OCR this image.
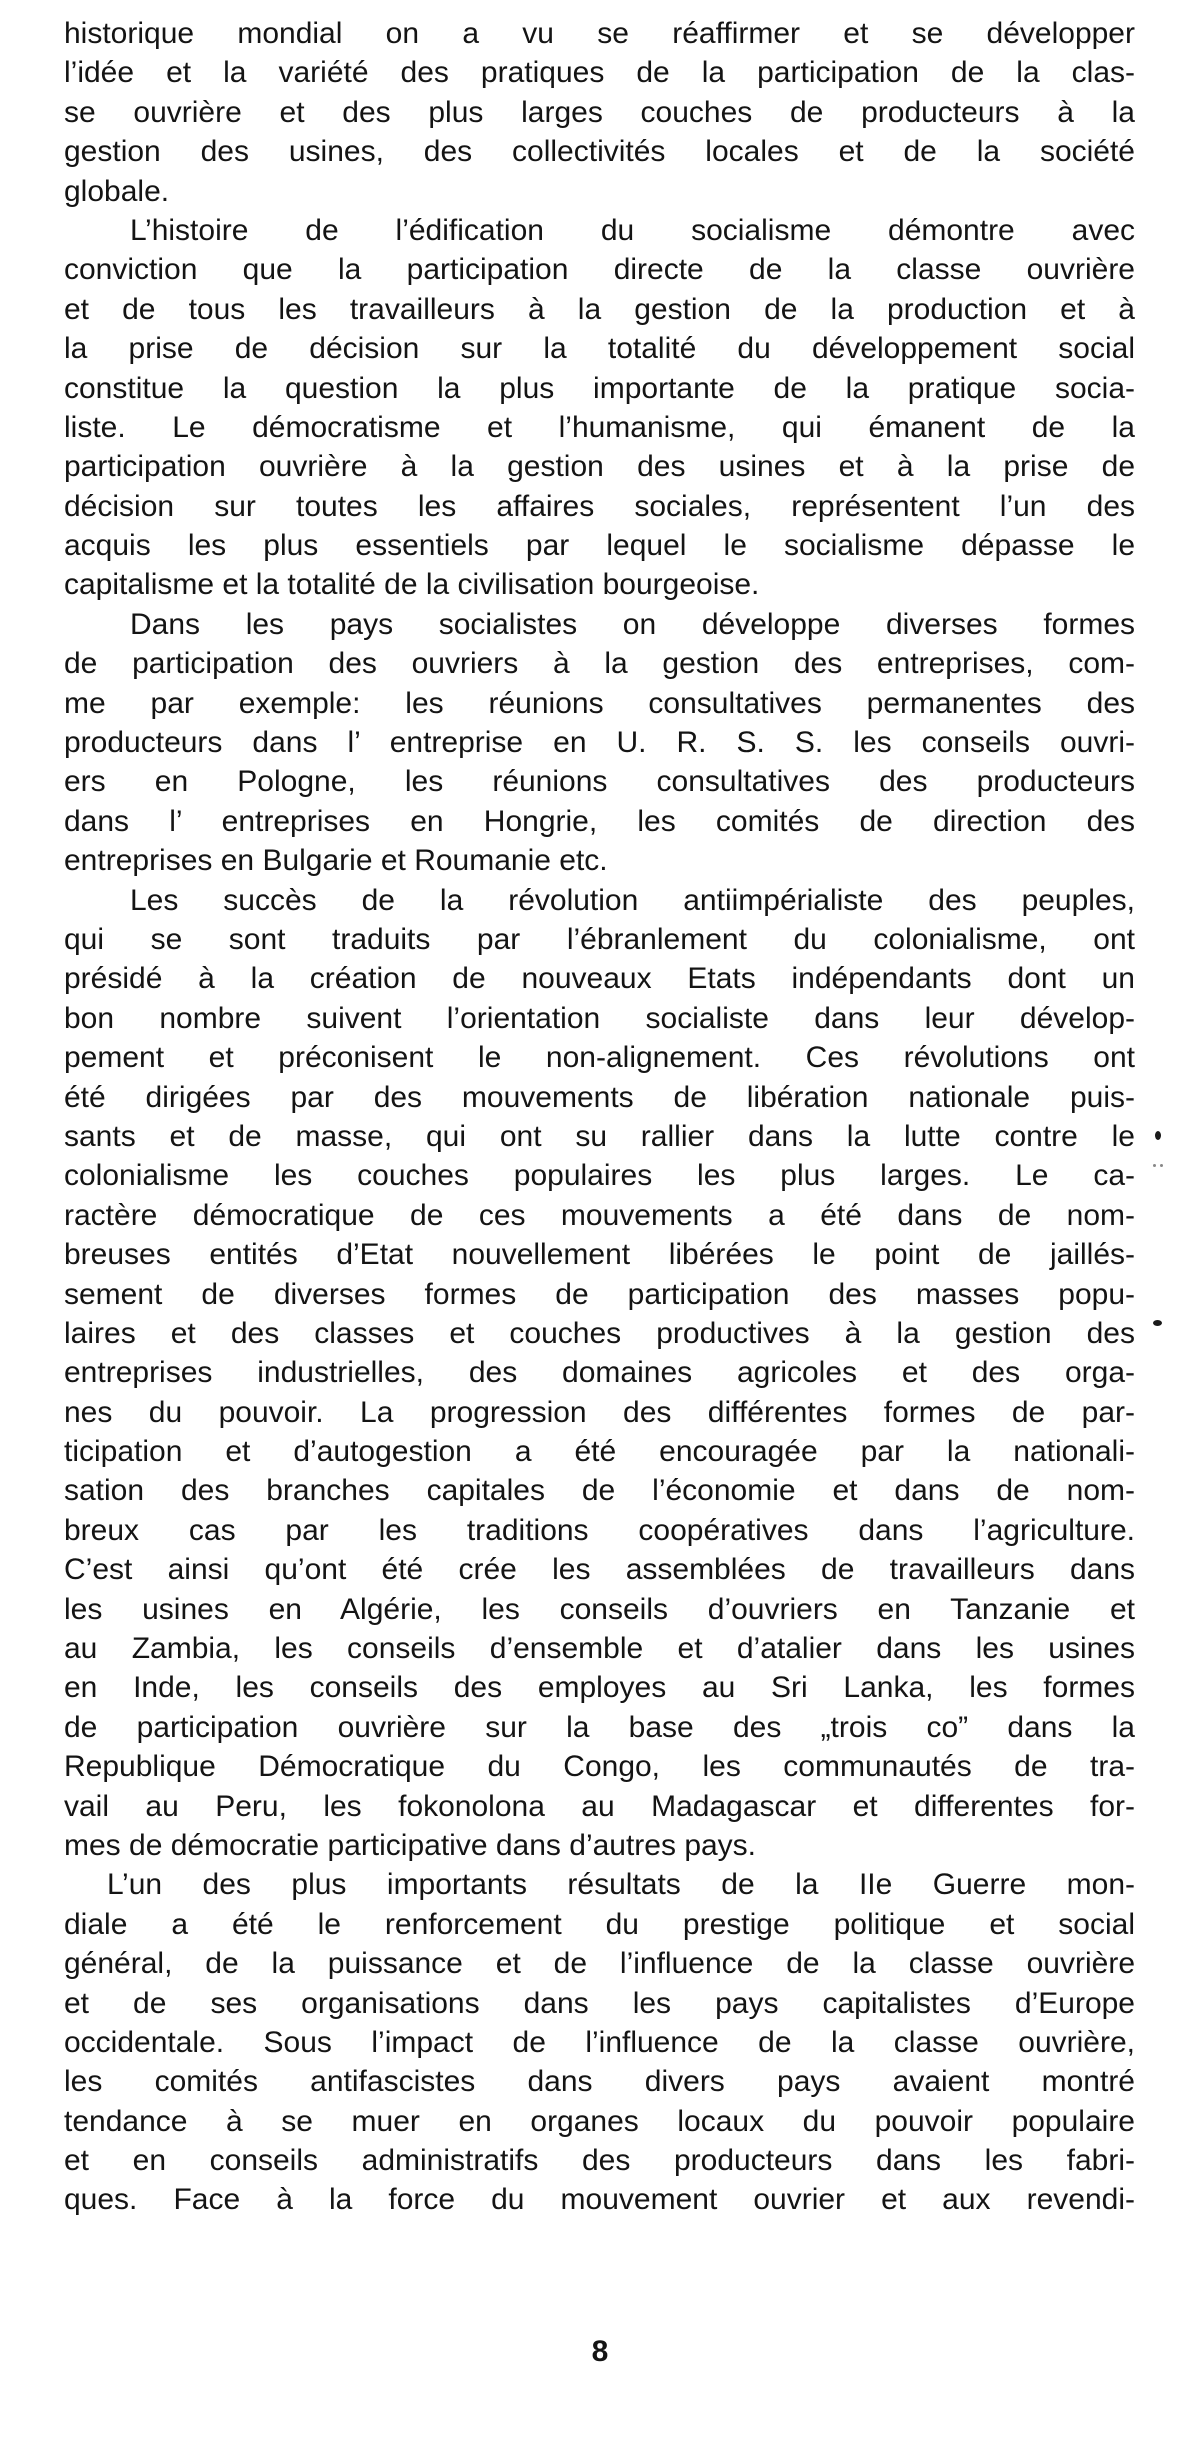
historique mondial on a vu se réaffirmer et se développer
l’idée et la variété des pratiques de la participation de la clas-
se ouvrière et des plus larges couches de producteurs à la
gestion des usines, des collectivités locales et de la société
globale.
L’histoire de l’édification du socialisme démontre avec
conviction que la participation directe de la classe ouvrière
et de tous les travailleurs à la gestion de la production et à
la prise de décision sur la totalité du développement social
constitue la question la plus importante de la pratique socia-
liste. Le démocratisme et l’humanisme, qui émanent de la
participation ouvrière à la gestion des usines et à la prise de
décision sur toutes les affaires sociales, représentent l’un des
acquis les plus essentiels par lequel le socialisme dépasse le
capitalisme et la totalité de la civilisation bourgeoise.
Dans les pays socialistes on développe diverses formes
de participation des ouvriers à la gestion des entreprises, com-
me par exemple: les réunions consultatives permanentes des
producteurs dans l’ entreprise en U. R. S. S. les conseils ouvri-
ers en Pologne, les réunions consultatives des producteurs
dans l’ entreprises en Hongrie, les comités de direction des
entreprises en Bulgarie et Roumanie etc.
Les succès de la révolution antiimpérialiste des peuples,
qui se sont traduits par l’ébranlement du colonialisme, ont
présidé à la création de nouveaux Etats indépendants dont un
bon nombre suivent l’orientation socialiste dans leur dévelop-
pement et préconisent le non-alignement. Ces révolutions ont
été dirigées par des mouvements de libération nationale puis-
sants et de masse, qui ont su rallier dans la lutte contre le
colonialisme les couches populaires les plus larges. Le ca-
ractère démocratique de ces mouvements a été dans de nom-
breuses entités d’Etat nouvellement libérées le point de jaillés-
sement de diverses formes de participation des masses popu-
laires et des classes et couches productives à la gestion des
entreprises industrielles, des domaines agricoles et des orga-
nes du pouvoir. La progression des différentes formes de par-
ticipation et d’autogestion a été encouragée par la nationali-
sation des branches capitales de l’économie et dans de nom-
breux cas par les traditions coopératives dans l’agriculture.
C’est ainsi qu’ont été crée les assemblées de travailleurs dans
les usines en Algérie, les conseils d’ouvriers en Tanzanie et
au Zambia, les conseils d’ensemble et d’atalier dans les usines
en Inde, les conseils des employes au Sri Lanka, les formes
de participation ouvrière sur la base des „trois co” dans la
Republique Démocratique du Congo, les communautés de tra-
vail au Peru, les fokonolona au Madagascar et differentes for-
mes de démocratie participative dans d’autres pays.
L’un des plus importants résultats de la IIe Guerre mon-
diale a été le renforcement du prestige politique et social
général, de la puissance et de l’influence de la classe ouvrière
et de ses organisations dans les pays capitalistes d’Europe
occidentale. Sous l’impact de l’influence de la classe ouvrière,
les comités antifascistes dans divers pays avaient montré
tendance à se muer en organes locaux du pouvoir populaire
et en conseils administratifs des producteurs dans les fabri-
ques. Face à la force du mouvement ouvrier et aux revendi-
8
